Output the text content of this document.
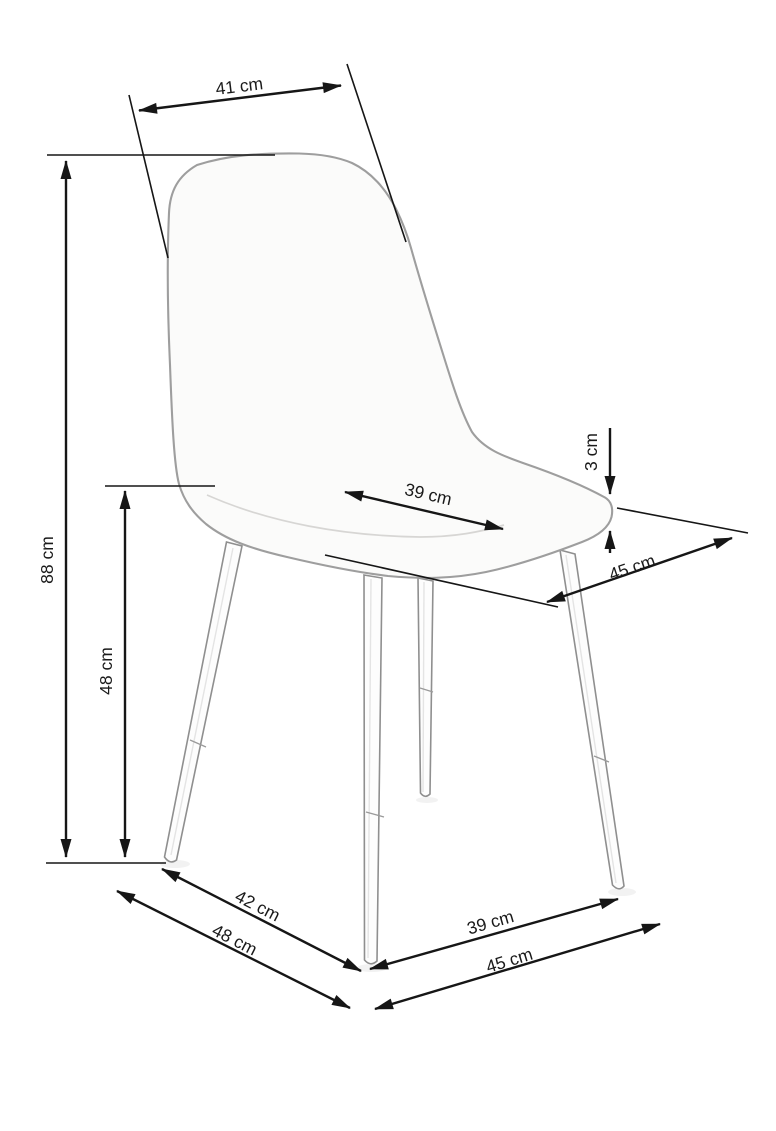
41 cm
88 cm
48 cm
39 cm
3 cm
45 cm
42 cm
48 cm	39 cm
45 cm
